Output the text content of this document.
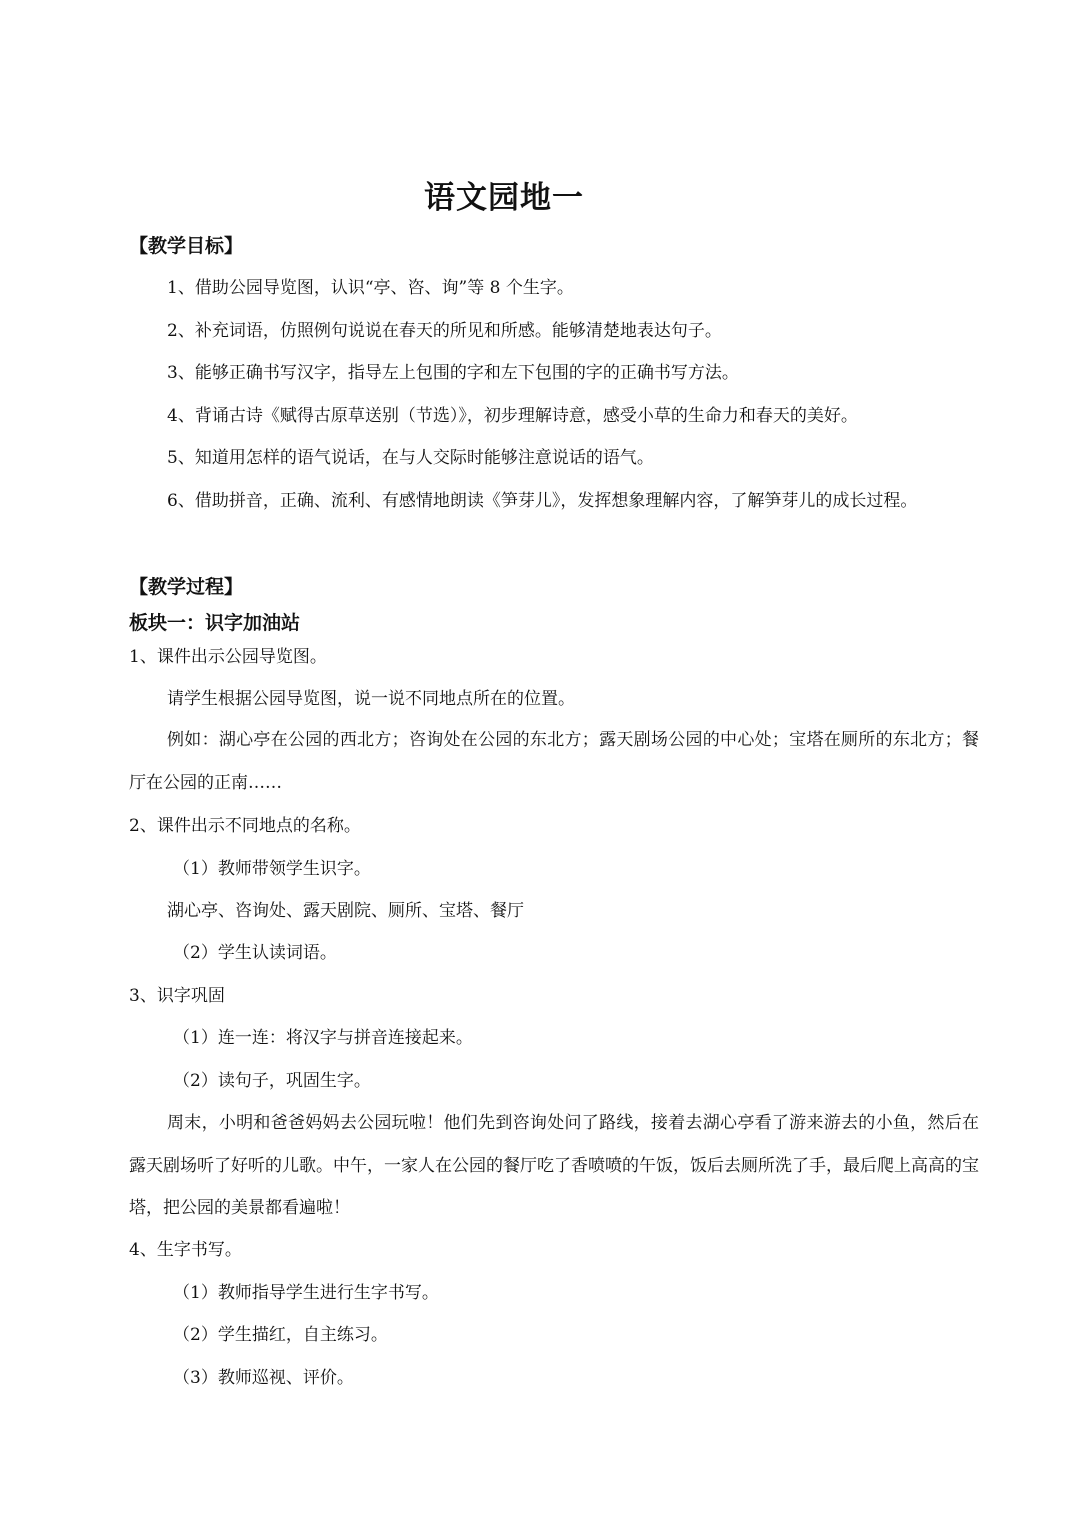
语文园地一
【教学目标】
1、借助公园导览图，认识“亭、咨、询”等 8 个生字。
2、补充词语，仿照例句说说在春天的所见和所感。能够清楚地表达句子。
3、能够正确书写汉字，指导左上包围的字和左下包围的字的正确书写方法。
4、背诵古诗《赋得古原草送别（节选）》，初步理解诗意，感受小草的生命力和春天的美好。
5、知道用怎样的语气说话，在与人交际时能够注意说话的语气。
6、借助拼音，正确、流利、有感情地朗读《笋芽儿》，发挥想象理解内容，了解笋芽儿的成长过程。
【教学过程】
板块一：识字加油站
1、课件出示公园导览图。
请学生根据公园导览图，说一说不同地点所在的位置。
例如：湖心亭在公园的西北方；咨询处在公园的东北方；露天剧场公园的中心处；宝塔在厕所的东北方；餐厅在公园的正南……
2、课件出示不同地点的名称。
（1）教师带领学生识字。
湖心亭、咨询处、露天剧院、厕所、宝塔、餐厅
（2）学生认读词语。
3、识字巩固
（1）连一连：将汉字与拼音连接起来。
（2）读句子，巩固生字。
周末，小明和爸爸妈妈去公园玩啦！他们先到咨询处问了路线，接着去湖心亭看了游来游去的小鱼，然后在露天剧场听了好听的儿歌。中午，一家人在公园的餐厅吃了香喷喷的午饭，饭后去厕所洗了手，最后爬上高高的宝塔，把公园的美景都看遍啦！
4、生字书写。
（1）教师指导学生进行生字书写。
（2）学生描红，自主练习。
（3）教师巡视、评价。
